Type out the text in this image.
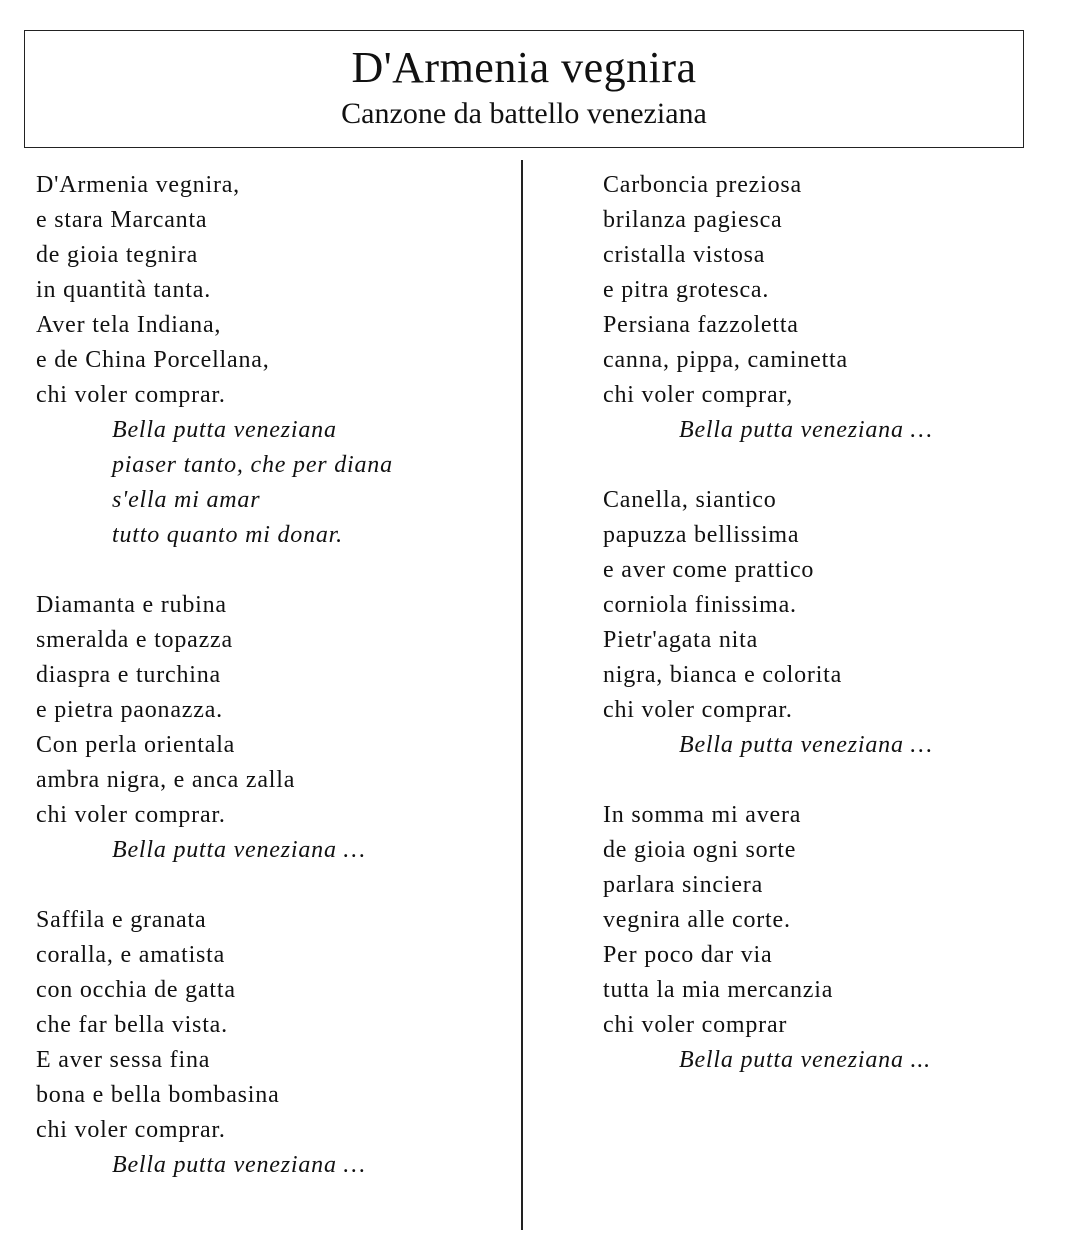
D'Armenia vegnira
Canzone da battello veneziana
D'Armenia vegnira,
e stara Marcanta
de gioia tegnira
in quantità tanta.
Aver tela Indiana,
e de China Porcellana,
chi voler comprar.
Bella putta veneziana
piaser tanto, che per diana
s'ella mi amar
tutto quanto mi donar.
Diamanta e rubina
smeralda e topazza
diaspra e turchina
e pietra paonazza.
Con perla orientala
ambra nigra, e anca zalla
chi voler comprar.
Bella putta veneziana …
Saffila e granata
coralla, e amatista
con occhia de gatta
che far bella vista.
E aver sessa fina
bona e bella bombasina
chi voler comprar.
Bella putta veneziana …
Carboncia preziosa
brilanza pagiesca
cristalla vistosa
e pitra grotesca.
Persiana fazzoletta
canna, pippa, caminetta
chi voler comprar,
Bella putta veneziana …
Canella, siantico
papuzza bellissima
e aver come prattico
corniola finissima.
Pietr'agata nita
nigra, bianca e colorita
chi voler comprar.
Bella putta veneziana …
In somma mi avera
de gioia ogni sorte
parlara sinciera
vegnira alle corte.
Per poco dar via
tutta la mia mercanzia
chi voler comprar
Bella putta veneziana ...
